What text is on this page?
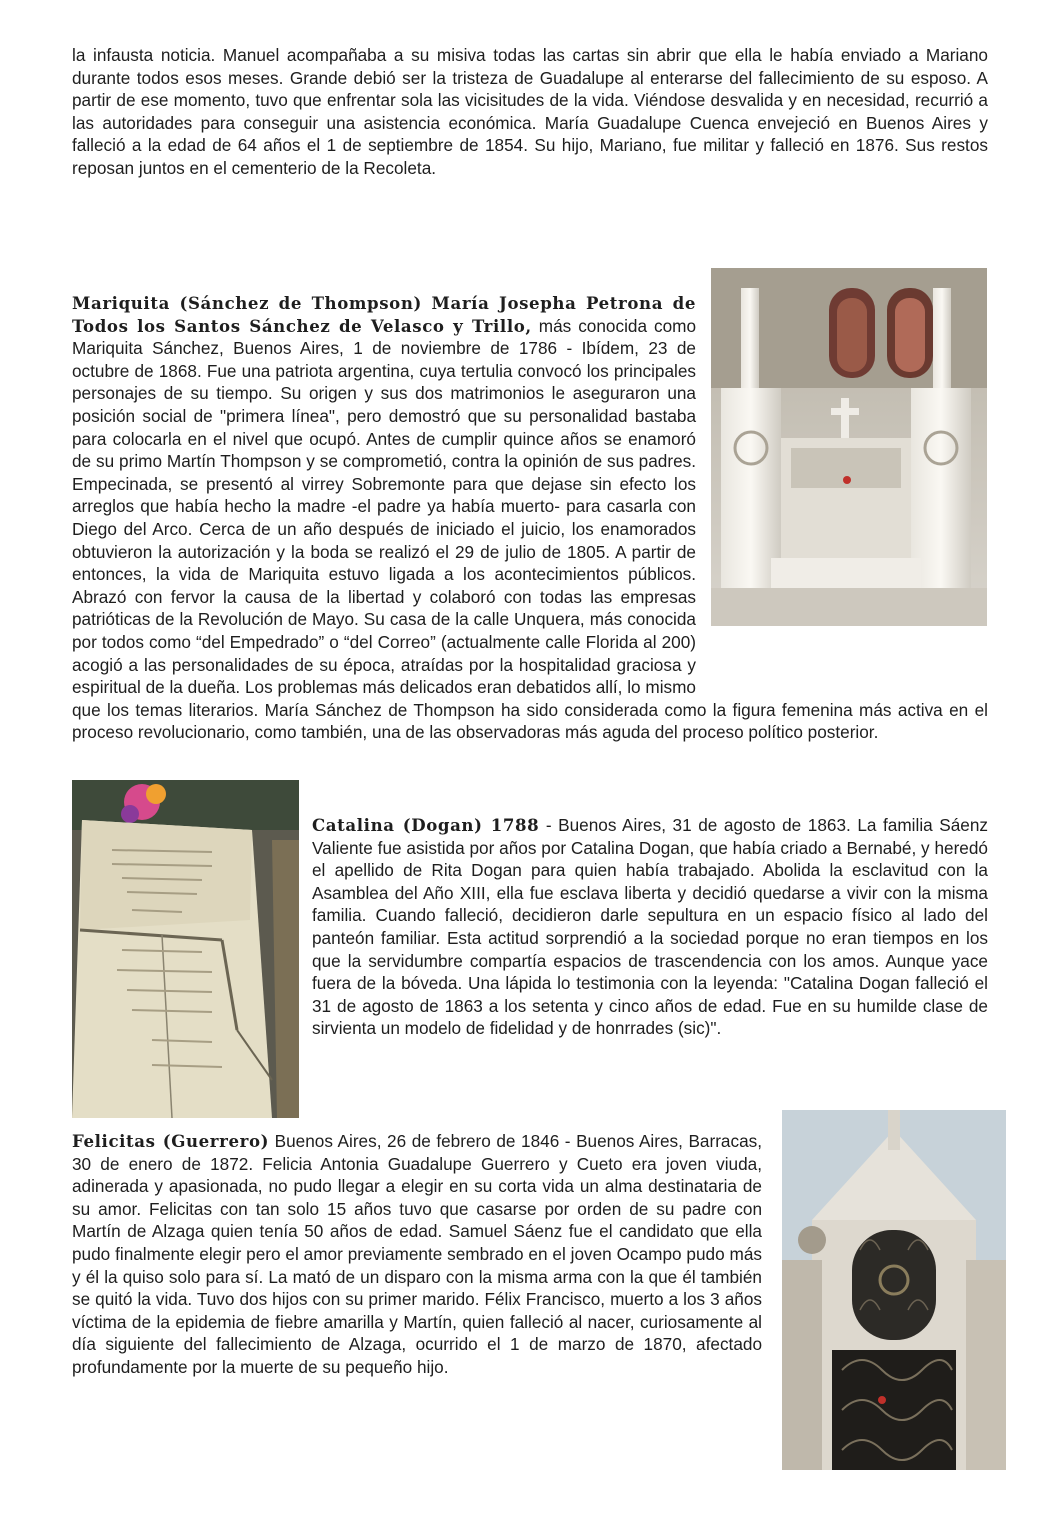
la infausta noticia. Manuel acompañaba a su misiva todas las cartas sin abrir que ella le había enviado a Mariano durante todos esos meses. Grande debió ser la tristeza de Guadalupe al enterarse del fallecimiento de su esposo. A partir de ese momento, tuvo que enfrentar sola las vicisitudes de la vida. Viéndose desvalida y en necesidad, recurrió a las autoridades para conseguir una asistencia económica. María Guadalupe Cuenca envejeció en Buenos Aires y falleció a la edad de 64 años el 1 de septiembre de 1854. Su hijo, Mariano, fue militar y falleció en 1876. Sus restos reposan juntos en el cementerio de la Recoleta.

Mariquita (Sánchez de Thompson) María Josepha Petrona de Todos los Santos Sánchez de Velasco y Trillo, más conocida como Mariquita Sánchez, Buenos Aires, 1 de noviembre de 1786 - Ibídem, 23 de octubre de 1868. Fue una patriota argentina, cuya tertulia convocó los principales personajes de su tiempo. Su origen y sus dos matrimonios le aseguraron una posición social de "primera línea", pero demostró que su personalidad bastaba para colocarla en el nivel que ocupó. Antes de cumplir quince años se enamoró de su primo Martín Thompson y se comprometió, contra la opinión de sus padres. Empecinada, se presentó al virrey Sobremonte para que dejase sin efecto los arreglos que había hecho la madre -el padre ya había muerto- para casarla con Diego del Arco. Cerca de un año después de iniciado el juicio, los enamorados obtuvieron la autorización y la boda se realizó el 29 de julio de 1805. A partir de entonces, la vida de Mariquita estuvo ligada a los acontecimientos públicos. Abrazó con fervor la causa de la libertad y colaboró con todas las empresas patrióticas de la Revolución de Mayo. Su casa de la calle Unquera, más conocida por todos como “del Empedrado” o “del Correo” (actualmente calle Florida al 200) acogió a las personalidades de su época, atraídas por la hospitalidad graciosa y espiritual de la dueña. Los problemas más delicados eran debatidos allí, lo mismo que los temas literarios. María Sánchez de Thompson ha sido considerada como la figura femenina más activa en el proceso revolucionario, como también, una de las observadoras más aguda del proceso político posterior.

Catalina (Dogan) 1788 - Buenos Aires, 31 de agosto de 1863. La familia Sáenz Valiente fue asistida por años por Catalina Dogan, que había criado a Bernabé, y heredó el apellido de Rita Dogan para quien había trabajado. Abolida la esclavitud con la Asamblea del Año XIII, ella fue esclava liberta y decidió quedarse a vivir con la misma familia. Cuando falleció, decidieron darle sepultura en un espacio físico al lado del panteón familiar. Esta actitud sorprendió a la sociedad porque no eran tiempos en los que la servidumbre compartía espacios de trascendencia con los amos. Aunque yace fuera de la bóveda. Una lápida lo testimonia con la leyenda: "Catalina Dogan falleció el 31 de agosto de 1863 a los setenta y cinco años de edad. Fue en su humilde clase de sirvienta un modelo de fidelidad y de honrrades (sic)".

Felicitas (Guerrero) Buenos Aires, 26 de febrero de 1846 - Buenos Aires, Barracas, 30 de enero de 1872. Felicia Antonia Guadalupe Guerrero y Cueto era joven viuda, adinerada y apasionada, no pudo llegar a elegir en su corta vida un alma destinataria de su amor. Felicitas con tan solo 15 años tuvo que casarse por orden de su padre con Martín de Alzaga quien tenía 50 años de edad. Samuel Sáenz fue el candidato que ella pudo finalmente elegir pero el amor previamente sembrado en el joven Ocampo pudo más y él la quiso solo para sí. La mató de un disparo con la misma arma con la que él también se quitó la vida. Tuvo dos hijos con su primer marido. Félix Francisco, muerto a los 3 años víctima de la epidemia de fiebre amarilla y Martín, quien falleció al nacer, curiosamente al día siguiente del fallecimiento de Alzaga, ocurrido el 1 de marzo de 1870, afectado profundamente por la muerte de su pequeño hijo.
